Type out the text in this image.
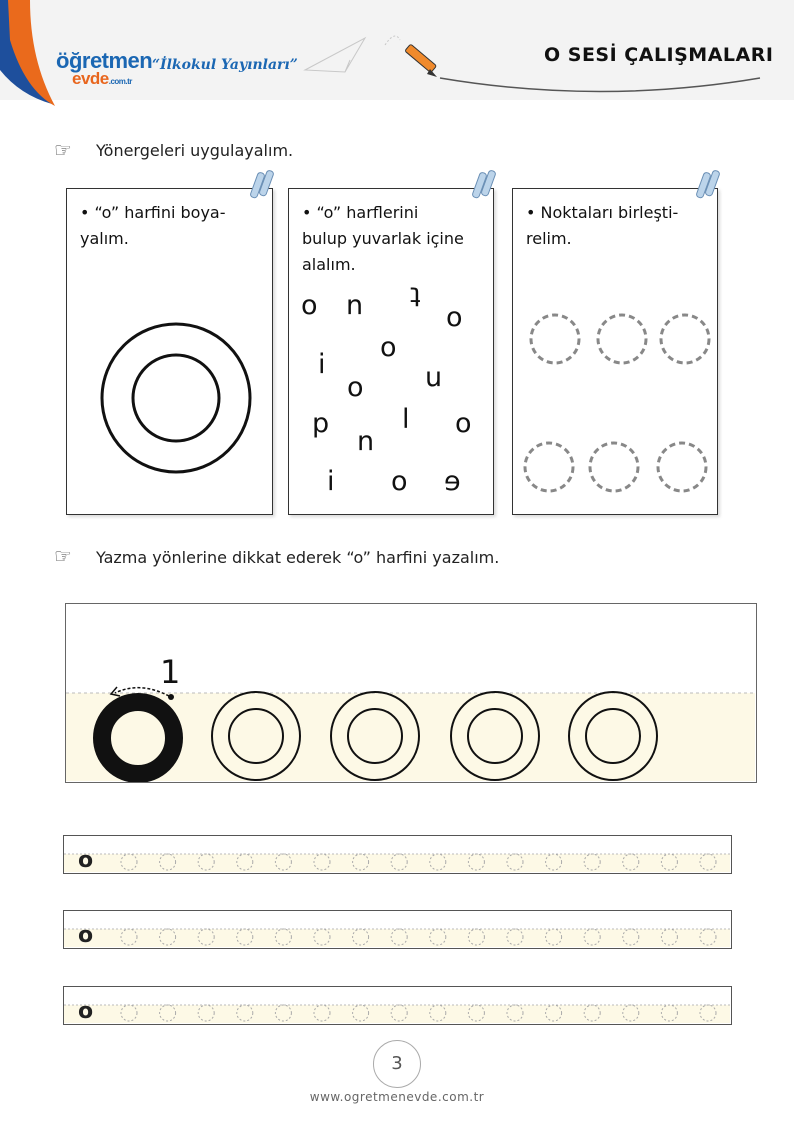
öğretmen
evde.com.tr
“İlkokul Yayınları”	O SESİ ÇALIŞMALARI
☞ Yönergeleri uygulayalım.
• “o” harfini boya-
yalım.
• “o” harflerini
bulup yuvarlak içine
alalım.
o n ʇ
o
o
i	u
o
p	l o
n
i o ɘ
• Noktaları birleşti-
relim.
☞ Yazma yönlerine dikkat ederek “o” harfini yazalım.
1
o
o
o
3
www.ogretmenevde.com.tr
